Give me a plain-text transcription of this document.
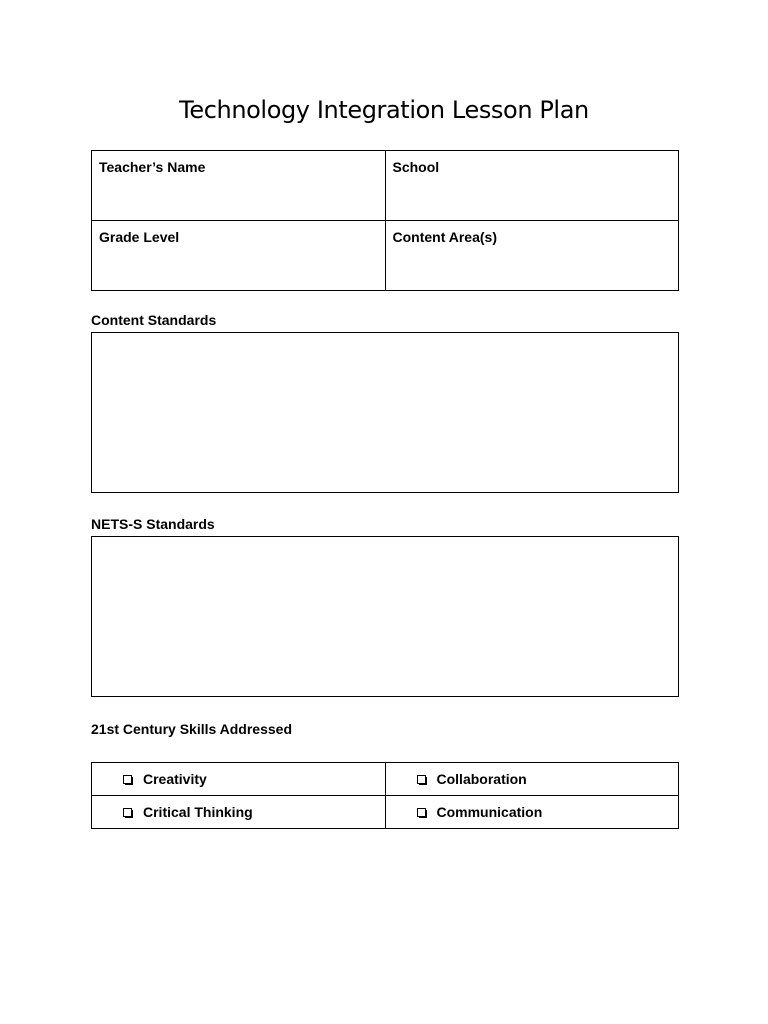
Technology Integration Lesson Plan
Teacher’s Name	School

Grade Level	Content Area(s)
Content Standards
NETS-S Standards
21st Century Skills Addressed
Creativity	Collaboration

Critical Thinking	Communication
